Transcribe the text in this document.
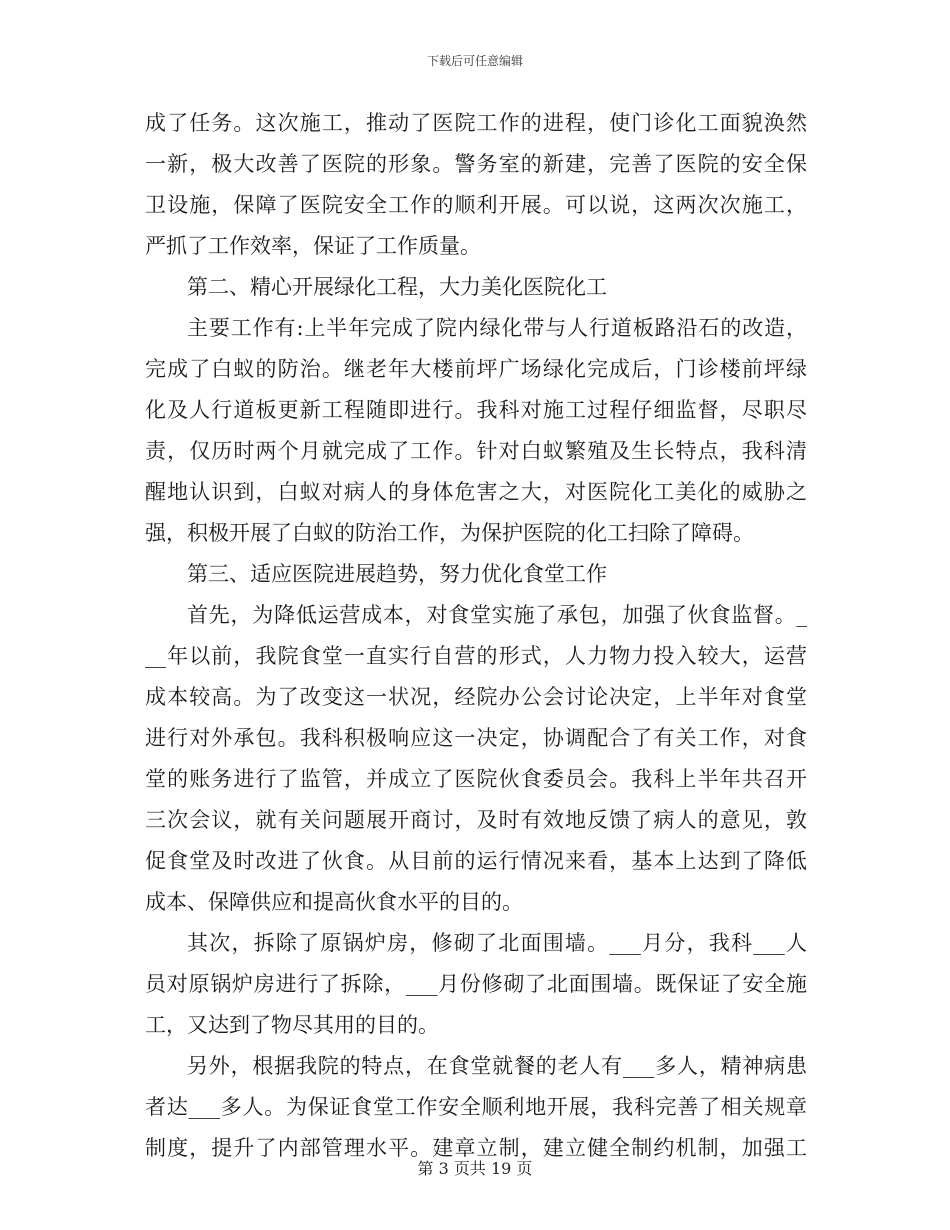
下载后可任意编辑
成了任务。这次施工，推动了医院工作的进程，使门诊化工面貌涣然
一新，极大改善了医院的形象。警务室的新建，完善了医院的安全保
卫设施，保障了医院安全工作的顺利开展。可以说，这两次次施工，
严抓了工作效率，保证了工作质量。
第二、精心开展绿化工程，大力美化医院化工
主要工作有:上半年完成了院内绿化带与人行道板路沿石的改造，
完成了白蚁的防治。继老年大楼前坪广场绿化完成后，门诊楼前坪绿
化及人行道板更新工程随即进行。我科对施工过程仔细监督，尽职尽
责，仅历时两个月就完成了工作。针对白蚁繁殖及生长特点，我科清
醒地认识到，白蚁对病人的身体危害之大，对医院化工美化的威胁之
强，积极开展了白蚁的防治工作，为保护医院的化工扫除了障碍。
第三、适应医院进展趋势，努力优化食堂工作
首先，为降低运营成本，对食堂实施了承包，加强了伙食监督。_
__年以前，我院食堂一直实行自营的形式，人力物力投入较大，运营
成本较高。为了改变这一状况，经院办公会讨论决定，上半年对食堂
进行对外承包。我科积极响应这一决定，协调配合了有关工作，对食
堂的账务进行了监管，并成立了医院伙食委员会。我科上半年共召开
三次会议，就有关问题展开商讨，及时有效地反馈了病人的意见，敦
促食堂及时改进了伙食。从目前的运行情况来看，基本上达到了降低
成本、保障供应和提高伙食水平的目的。
其次，拆除了原锅炉房，修砌了北面围墙。___月分，我科___人
员对原锅炉房进行了拆除，___月份修砌了北面围墙。既保证了安全施
工，又达到了物尽其用的目的。
另外，根据我院的特点，在食堂就餐的老人有___多人，精神病患
者达___多人。为保证食堂工作安全顺利地开展，我科完善了相关规章
制度，提升了内部管理水平。建章立制，建立健全制约机制，加强工
第 3 页共 19 页
